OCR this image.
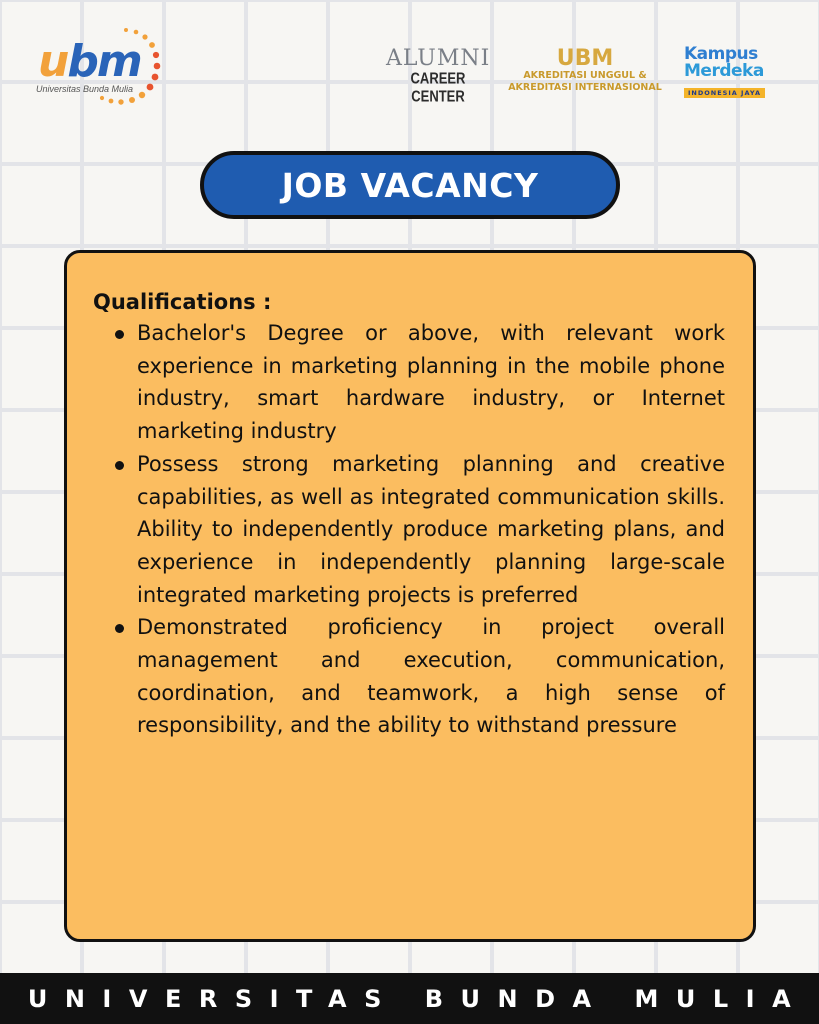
ubm
Universitas Bunda Mulia
ALUMNI
CAREER CENTER
UBM
AKREDITASI UNGGUL &
AKREDITASI INTERNASIONAL
Kampus
Merdeka
INDONESIA JAYA
JOB VACANCY
Qualifications :
Bachelor's Degree or above, with relevant work experience in marketing planning in the mobile phone industry, smart hardware industry, or Internet marketing industry
Possess strong marketing planning and creative capabilities, as well as integrated communication skills. Ability to independently produce marketing plans, and experience in independently planning large-scale integrated marketing projects is preferred
Demonstrated proficiency in project overall management and execution, communication, coordination, and teamwork, a high sense of responsibility, and the ability to withstand pressure
UNIVERSITAS BUNDA MULIA
